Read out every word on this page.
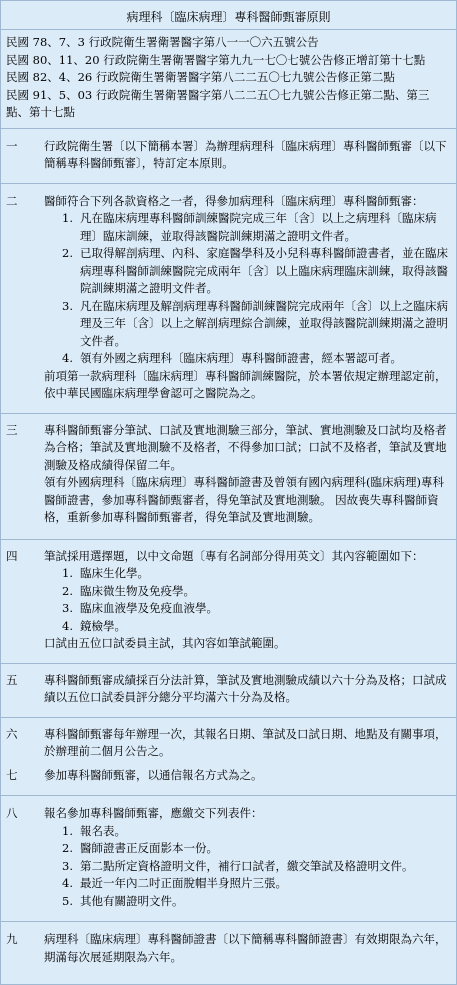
病理科〔臨床病理〕專科醫師甄審原則
民國 78、7、3 行政院衛生署衛署醫字第八一一〇六五號公告
民國 80、11、20 行政院衛生署衛署醫字第九九一七〇七號公告修正增訂第十七點
民國 82、4、26 行政院衛生署衛署醫字第八二二五〇七九號公告修正第二點
民國 91、5、03 行政院衛生署衛署醫字第八二二五〇七九號公告修正第二點、第三點、第十七點
一	行政院衛生署〔以下簡稱本署〕為辦理病理科〔臨床病理〕專科醫師甄審〔以下簡稱專科醫師甄審〕，特訂定本原則。

二	醫師符合下列各款資格之一者，得參加病理科〔臨床病理〕專科醫師甄審：

1. 凡在臨床病理專科醫師訓練醫院完成三年〔含〕以上之病理科〔臨床病理〕臨床訓練，並取得該醫院訓練期滿之證明文件者。
2. 已取得解剖病理、內科、家庭醫學科及小兒科專科醫師證書者，並在臨床病理專科醫師訓練醫院完成兩年〔含〕以上臨床病理臨床訓練，取得該醫院訓練期滿之證明文件者。
3. 凡在臨床病理及解剖病理專科醫師訓練醫院完成兩年〔含〕以上之臨床病理及三年〔含〕以上之解剖病理綜合訓練，並取得該醫院訓練期滿之證明文件者。
4. 領有外國之病理科〔臨床病理〕專科醫師證書，經本署認可者。

前項第一款病理科〔臨床病理〕專科醫師訓練醫院，於本署依規定辦理認定前，依中華民國臨床病理學會認可之醫院為之。

三	專科醫師甄審分筆試、口試及實地測驗三部分，筆試、實地測驗及口試均及格者為合格；筆試及實地測驗不及格者，不得參加口試；口試不及格者，筆試及實地測驗及格成績得保留二年。

領有外國病理科〔臨床病理〕專科醫師證書及曾領有國內病理科(臨床病理)專科醫師證書，參加專科醫師甄審者，得免筆試及實地測驗。 因故喪失專科醫師資格，重新參加專科醫師甄審者，得免筆試及實地測驗。

四	筆試採用選擇題，以中文命題〔專有名詞部分得用英文〕其內容範圍如下：

1. 臨床生化學。
2. 臨床微生物及免疫學。
3. 臨床血液學及免疫血液學。
4. 鏡檢學。

口試由五位口試委員主試，其內容如筆試範圍。

五	專科醫師甄審成績採百分法計算，筆試及實地測驗成績以六十分為及格；口試成績以五位口試委員評分總分平均滿六十分為及格。

六	專科醫師甄審每年辦理一次，其報名日期、筆試及口試日期、地點及有關事項，於辦理前二個月公告之。

七	參加專科醫師甄審，以通信報名方式為之。

八	報名參加專科醫師甄審，應繳交下列表件：

1. 報名表。
2. 醫師證書正反面影本一份。
3. 第二點所定資格證明文件，補行口試者，繳交筆試及格證明文件。
4. 最近一年內二吋正面脫帽半身照片三張。
5. 其他有關證明文件。
九	病理科〔臨床病理〕專科醫師證書〔以下簡稱專科醫師證書〕有效期限為六年，期滿每次展延期限為六年。
